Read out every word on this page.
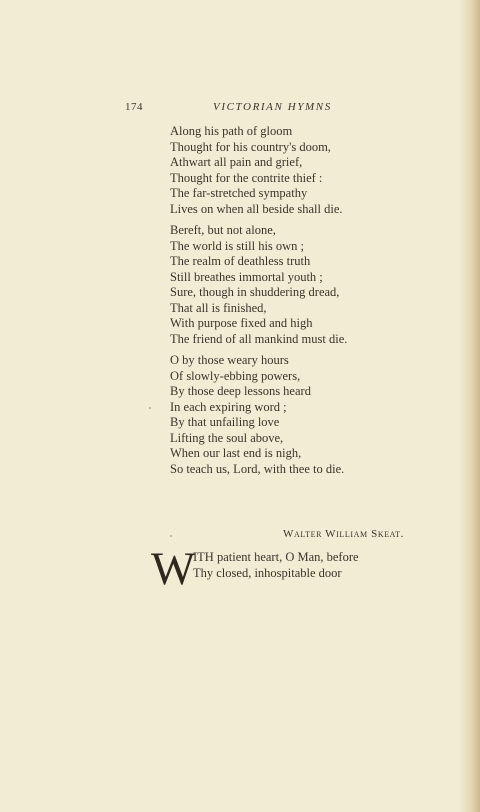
174	VICTORIAN HYMNS
Along his path of gloom
Thought for his country's doom,
Athwart all pain and grief,
Thought for the contrite thief :
The far-stretched sympathy
Lives on when all beside shall die.
Bereft, but not alone,
The world is still his own ;
The realm of deathless truth
Still breathes immortal youth ;
Sure, though in shuddering dread,
That all is finished,
With purpose fixed and high
The friend of all mankind must die.
O by those weary hours
Of slowly-ebbing powers,
By those deep lessons heard
In each expiring word ;
By that unfailing love
Lifting the soul above,
When our last end is nigh,
So teach us, Lord, with thee to die.
Walter William Skeat.
W
ITH patient heart, O Man, before
Thy closed, inhospitable door
